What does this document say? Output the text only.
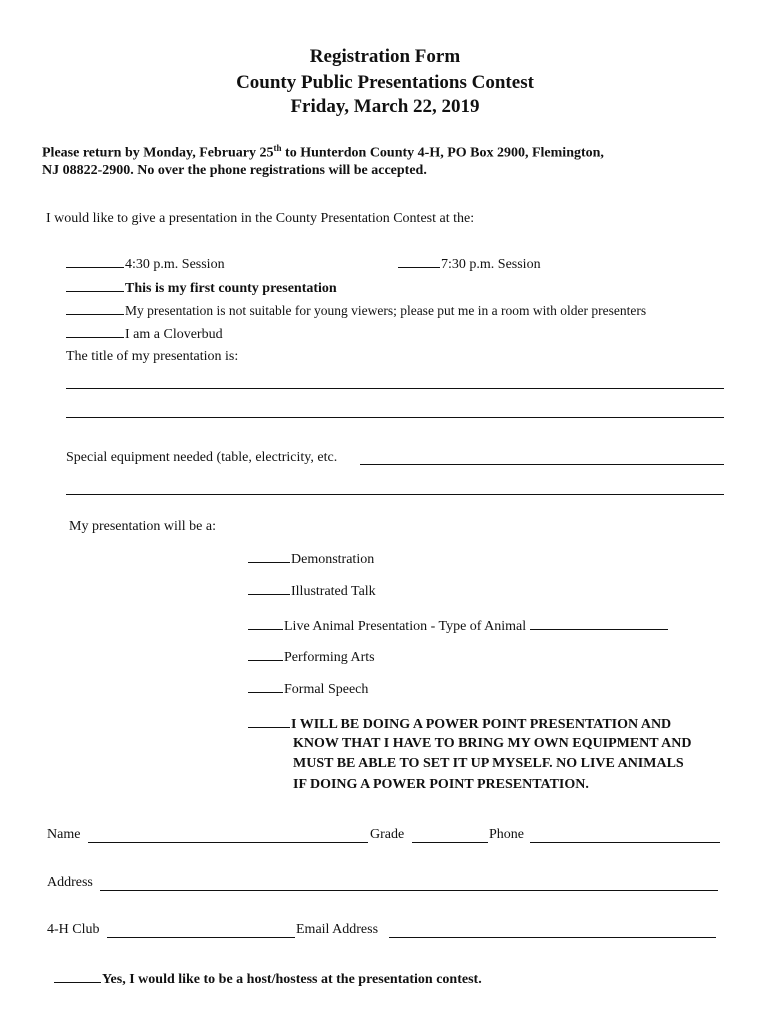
Registration Form
County Public Presentations Contest
Friday, March 22, 2019
Please return by Monday, February 25th to Hunterdon County 4-H, PO Box 2900, Flemington,
NJ 08822-2900. No over the phone registrations will be accepted.
I would like to give a presentation in the County Presentation Contest at the:
4:30 p.m. Session	7:30 p.m. Session
This is my first county presentation
My presentation is not suitable for young viewers; please put me in a room with older presenters
I am a Cloverbud
The title of my presentation is:
Special equipment needed (table, electricity, etc.
My presentation will be a:
Demonstration
Illustrated Talk
Live Animal Presentation - Type of Animal
Performing Arts
Formal Speech
I WILL BE DOING A POWER POINT PRESENTATION AND
KNOW THAT I HAVE TO BRING MY OWN EQUIPMENT AND
MUST BE ABLE TO SET IT UP MYSELF. NO LIVE ANIMALS
IF DOING A POWER POINT PRESENTATION.
Name	Grade	Phone
Address
4-H Club	Email Address
Yes, I would like to be a host/hostess at the presentation contest.
